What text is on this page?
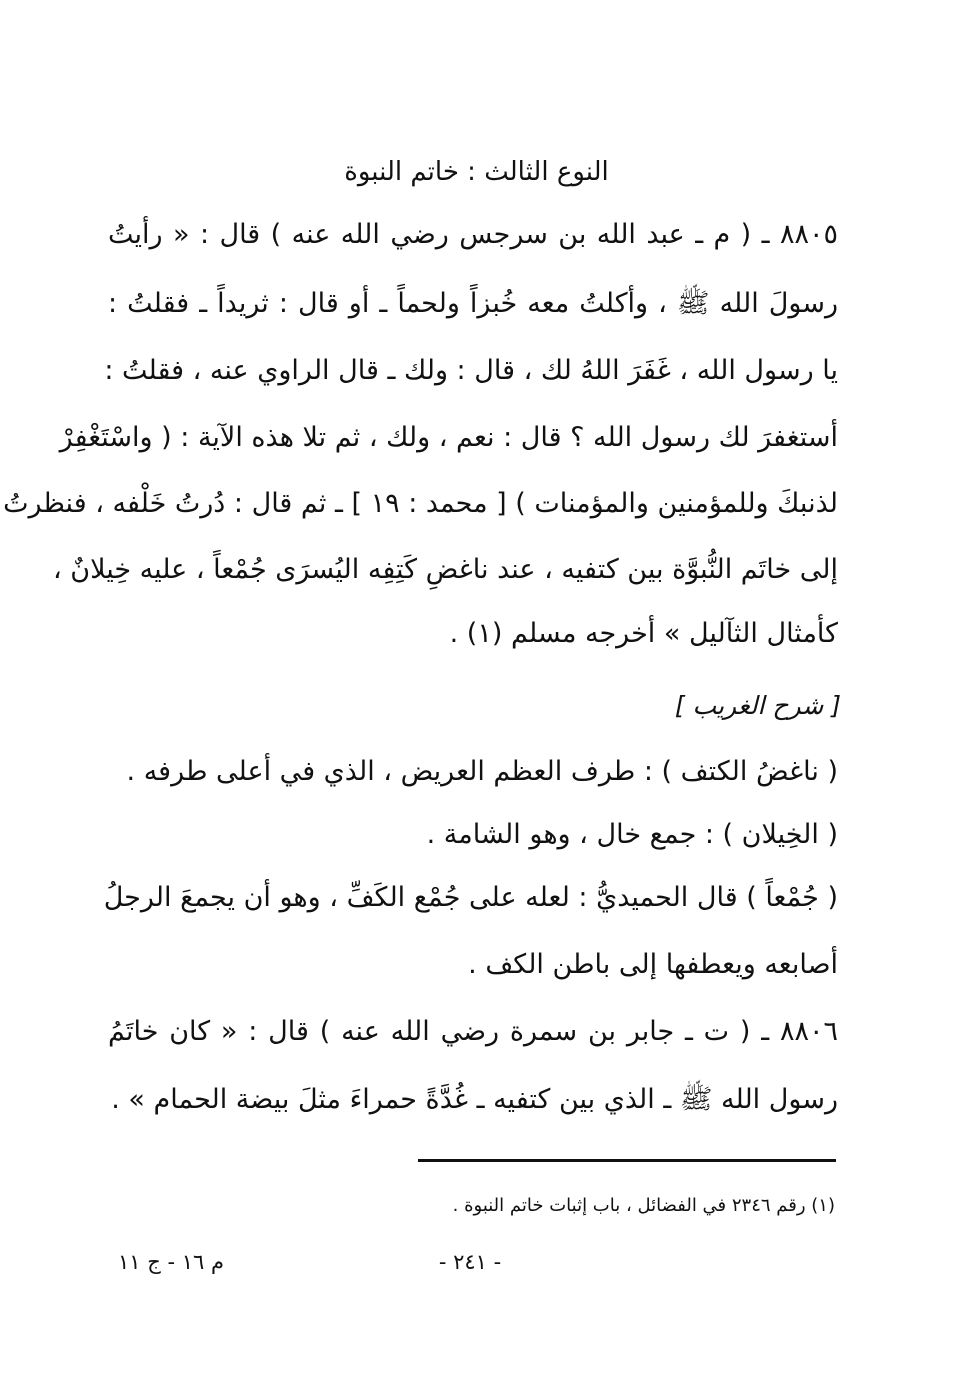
النوع الثالث : خاتم النبوة
٨٨٠٥ ـ ( م ـ عبد الله بن سرجس رضي الله عنه ) قال : « رأيتُ
رسولَ الله ﷺ ، وأكلتُ معه خُبزاً ولحماً ـ أو قال : ثريداً ـ فقلتُ :
يا رسول الله ، غَفَرَ اللهُ لك ، قال : ولك ـ قال الراوي عنه ، فقلتُ :
أستغفرَ لك رسول الله ؟ قال : نعم ، ولك ، ثم تلا هذه الآية : ( واسْتَغْفِرْ
لذنبكَ وللمؤمنين والمؤمنات ) [ محمد : ١٩ ] ـ ثم قال : دُرتُ خَلْفه ، فنظرتُ
إلى خاتَم النُّبوَّة بين كتفيه ، عند ناغضِ كَتِفِه اليُسرَى جُمْعاً ، عليه خِيلانٌ ،
كأمثال الثآليل » أخرجه مسلم (١) .
[ شرح الغريب ]
( ناغضُ الكتف ) : طرف العظم العريض ، الذي في أعلى طرفه .
( الخِيلان ) : جمع خال ، وهو الشامة .
( جُمْعاً ) قال الحميديُّ : لعله على جُمْع الكَفِّ ، وهو أن يجمعَ الرجلُ
أصابعه ويعطفها إلى باطن الكف .
٨٨٠٦ ـ ( ت ـ جابر بن سمرة رضي الله عنه ) قال : « كان خاتَمُ
رسول الله ﷺ ـ الذي بين كتفيه ـ غُدَّةً حمراءَ مثلَ بيضة الحمام » .
(١) رقم ٢٣٤٦ في الفضائل ، باب إثبات خاتم النبوة .
- ٢٤١ -
م ١٦ - ج ١١
